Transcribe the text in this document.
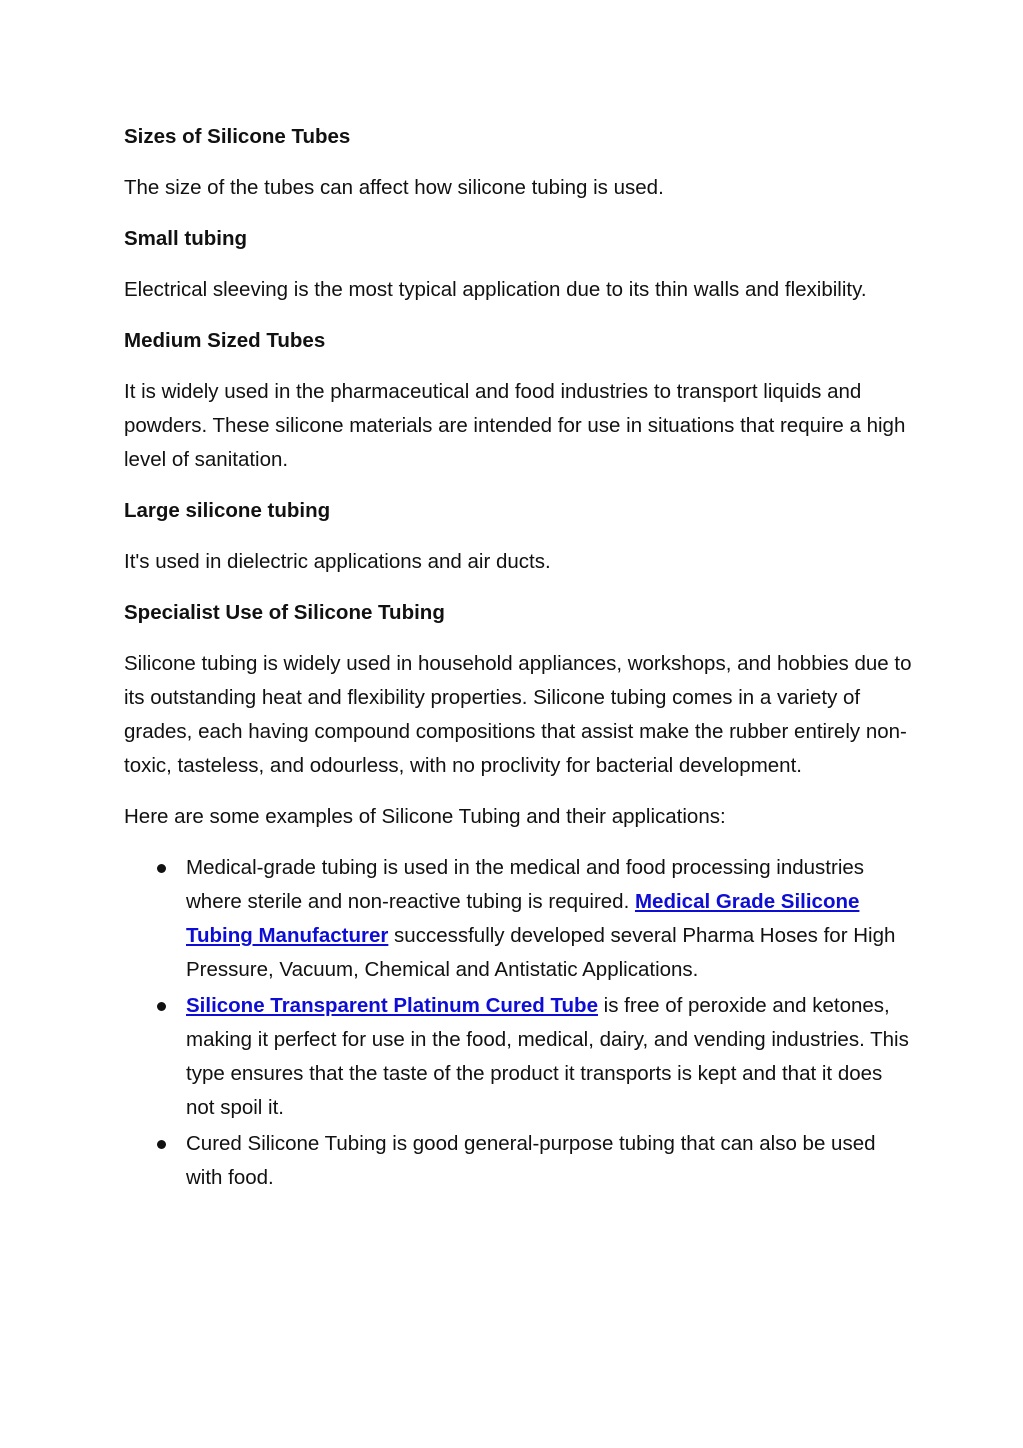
Sizes of Silicone Tubes

The size of the tubes can affect how silicone tubing is used.

Small tubing

Electrical sleeving is the most typical application due to its thin walls and flexibility.

Medium Sized Tubes

It is widely used in the pharmaceutical and food industries to transport liquids and powders. These silicone materials are intended for use in situations that require a high level of sanitation.

Large silicone tubing

It's used in dielectric applications and air ducts.

Specialist Use of Silicone Tubing

Silicone tubing is widely used in household appliances, workshops, and hobbies due to its outstanding heat and flexibility properties. Silicone tubing comes in a variety of grades, each having compound compositions that assist make the rubber entirely non-toxic, tasteless, and odourless, with no proclivity for bacterial development.

Here are some examples of Silicone Tubing and their applications:

Medical-grade tubing is used in the medical and food processing industries where sterile and non-reactive tubing is required. Medical Grade Silicone Tubing Manufacturer successfully developed several Pharma Hoses for High Pressure, Vacuum, Chemical and Antistatic Applications.
Silicone Transparent Platinum Cured Tube is free of peroxide and ketones, making it perfect for use in the food, medical, dairy, and vending industries. This type ensures that the taste of the product it transports is kept and that it does not spoil it.
Cured Silicone Tubing is good general-purpose tubing that can also be used with food.
